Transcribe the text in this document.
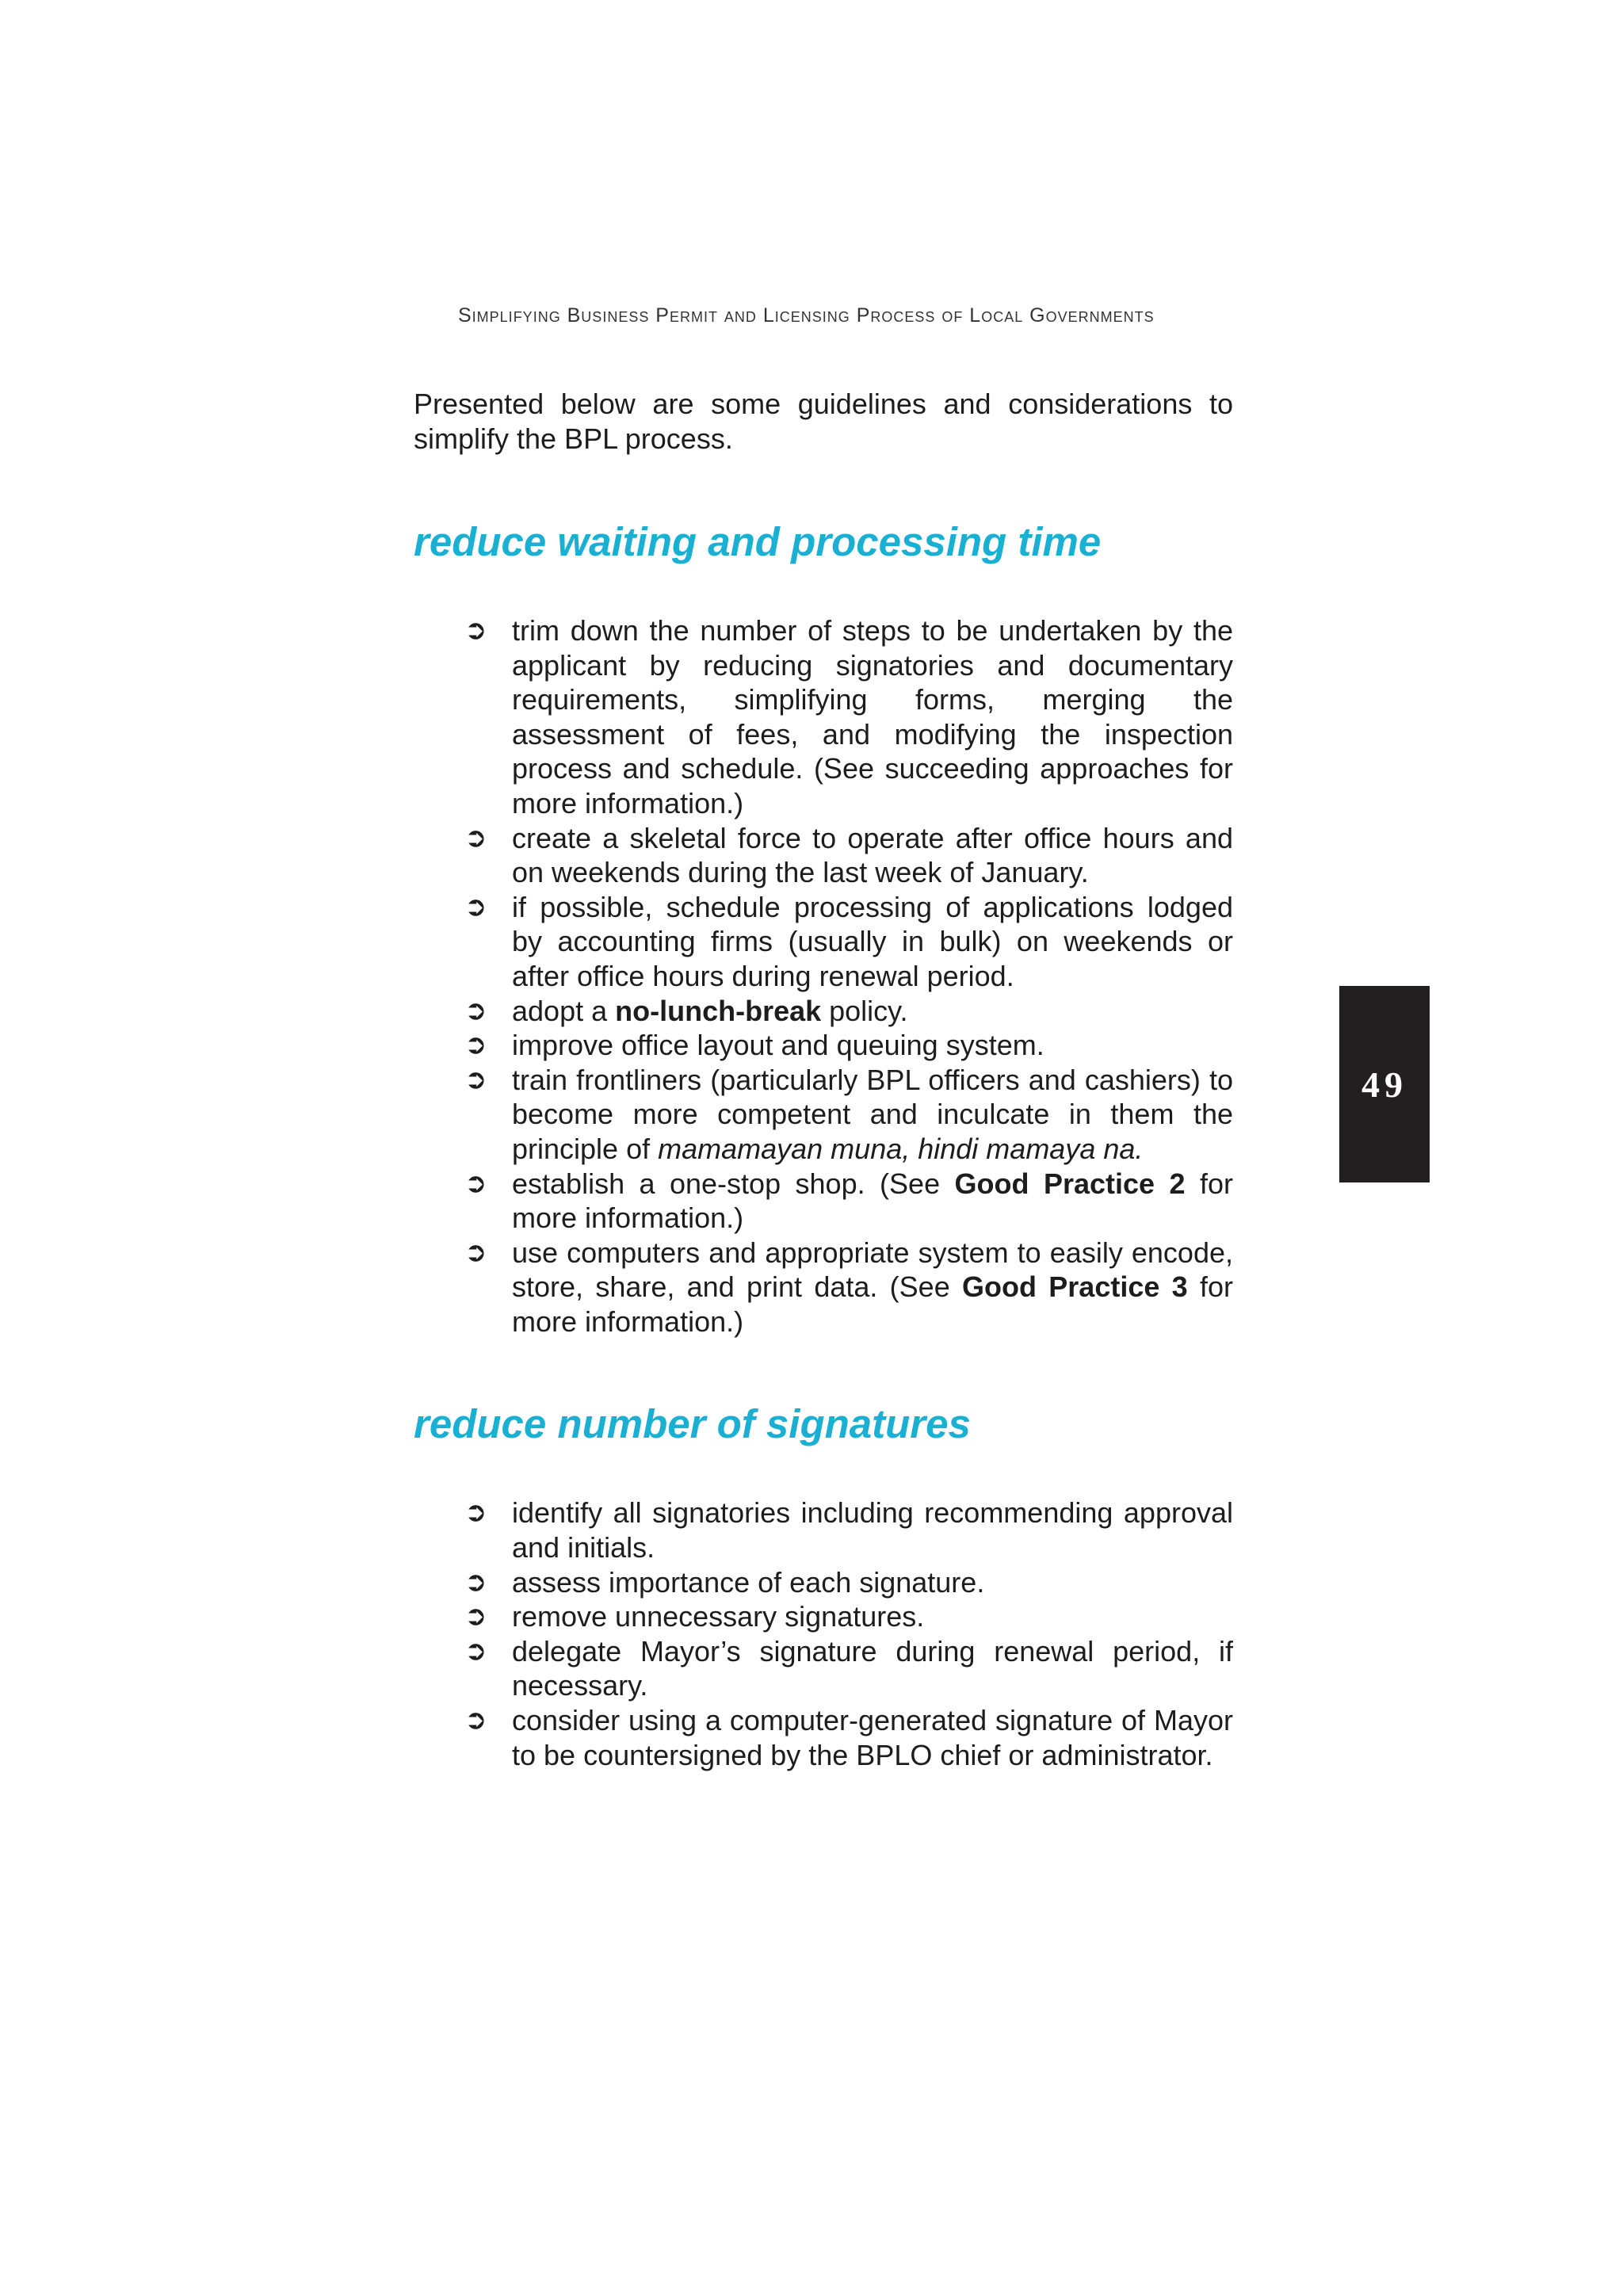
Simplifying Business Permit and Licensing Process of Local Governments

Presented below are some guidelines and considerations to simplify the BPL process.

reduce waiting and processing time
➲ trim down the number of steps to be undertaken by the applicant by reducing signatories and documentary requirements, simplifying forms, merging the assessment of fees, and modifying the inspection process and schedule. (See succeeding approaches for more information.)
➲ create a skeletal force to operate after office hours and on weekends during the last week of January.
➲ if possible, schedule processing of applications lodged by accounting firms (usually in bulk) on weekends or after office hours during renewal period.
➲ adopt a no-lunch-break policy.
➲ improve office layout and queuing system.
➲ train frontliners (particularly BPL officers and cashiers) to become more competent and inculcate in them the principle of mamamayan muna, hindi mamaya na.
➲ establish a one-stop shop. (See Good Practice 2 for more information.)
➲ use computers and appropriate system to easily encode, store, share, and print data. (See Good Practice 3 for more information.)
reduce number of signatures
➲ identify all signatories including recommending approval and initials.
➲ assess importance of each signature.
➲ remove unnecessary signatures.
➲ delegate Mayor’s signature during renewal period, if necessary.
➲ consider using a computer-generated signature of Mayor to be countersigned by the BPLO chief or administrator.
49
